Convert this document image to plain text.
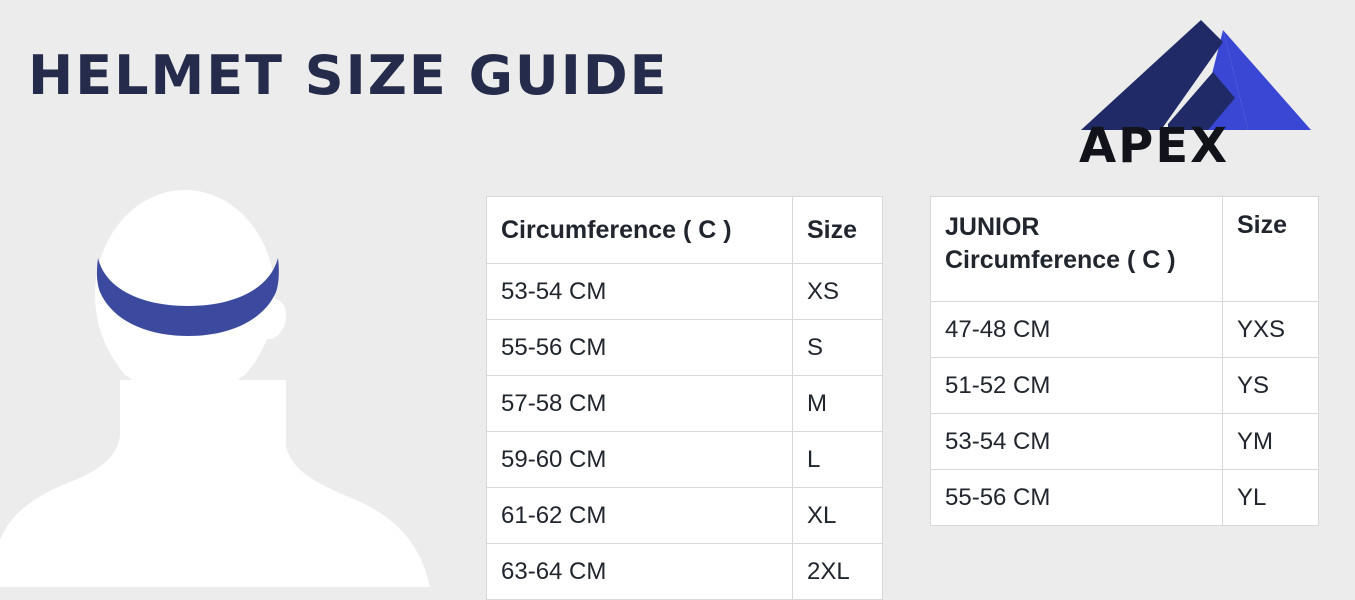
HELMET SIZE GUIDE
APEX
Circumference ( C )	Size
53-54 CM	XS
55-56 CM	S
57-58 CM	M
59-60 CM	L
61-62 CM	XL
63-64 CM	2XL
JUNIOR
Circumference ( C )	Size
47-48 CM	YXS
51-52 CM	YS
53-54 CM	YM
55-56 CM	YL
